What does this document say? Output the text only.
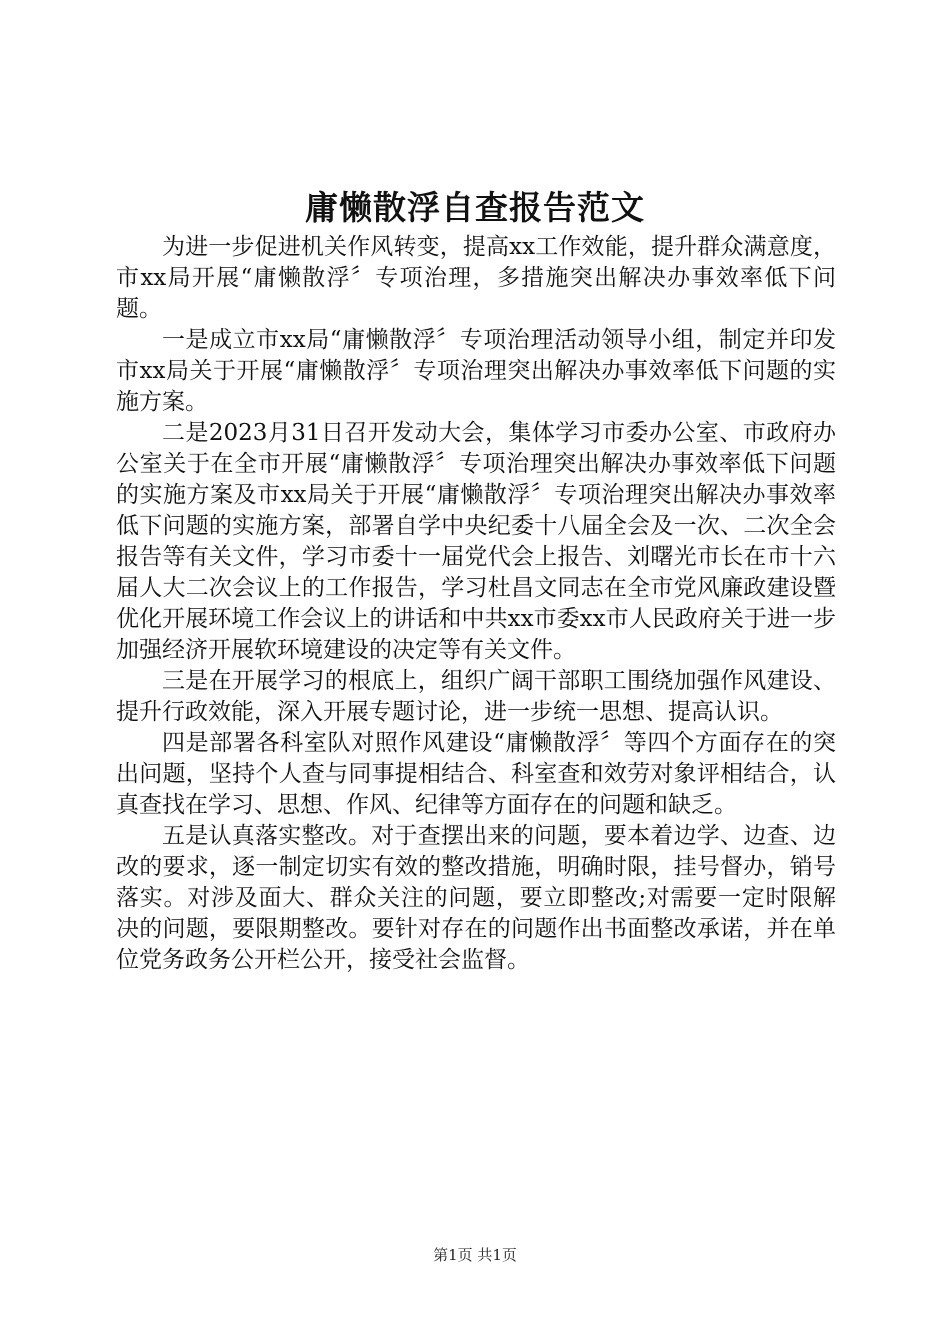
庸懒散浮自查报告范文

为进一步促进机关作风转变，提高xx工作效能，提升群众满意度，市xx局开展“庸懒散浮〞专项治理，多措施突出解决办事效率低下问题。

一是成立市xx局“庸懒散浮〞专项治理活动领导小组，制定并印发市xx局关于开展“庸懒散浮〞专项治理突出解决办事效率低下问题的实施方案。

二是2023月31日召开发动大会，集体学习市委办公室、市政府办公室关于在全市开展“庸懒散浮〞专项治理突出解决办事效率低下问题的实施方案及市xx局关于开展“庸懒散浮〞专项治理突出解决办事效率低下问题的实施方案，部署自学中央纪委十八届全会及一次、二次全会报告等有关文件，学习市委十一届党代会上报告、刘曙光市长在市十六届人大二次会议上的工作报告，学习杜昌文同志在全市党风廉政建设暨优化开展环境工作会议上的讲话和中共xx市委xx市人民政府关于进一步加强经济开展软环境建设的决定等有关文件。

三是在开展学习的根底上，组织广阔干部职工围绕加强作风建设、提升行政效能，深入开展专题讨论，进一步统一思想、提高认识。

四是部署各科室队对照作风建设“庸懒散浮〞等四个方面存在的突出问题，坚持个人查与同事提相结合、科室查和效劳对象评相结合，认真查找在学习、思想、作风、纪律等方面存在的问题和缺乏。

五是认真落实整改。对于查摆出来的问题，要本着边学、边查、边改的要求，逐一制定切实有效的整改措施，明确时限，挂号督办，销号落实。对涉及面大、群众关注的问题，要立即整改;对需要一定时限解决的问题，要限期整改。要针对存在的问题作出书面整改承诺，并在单位党务政务公开栏公开，接受社会监督。

第1页 共1页
